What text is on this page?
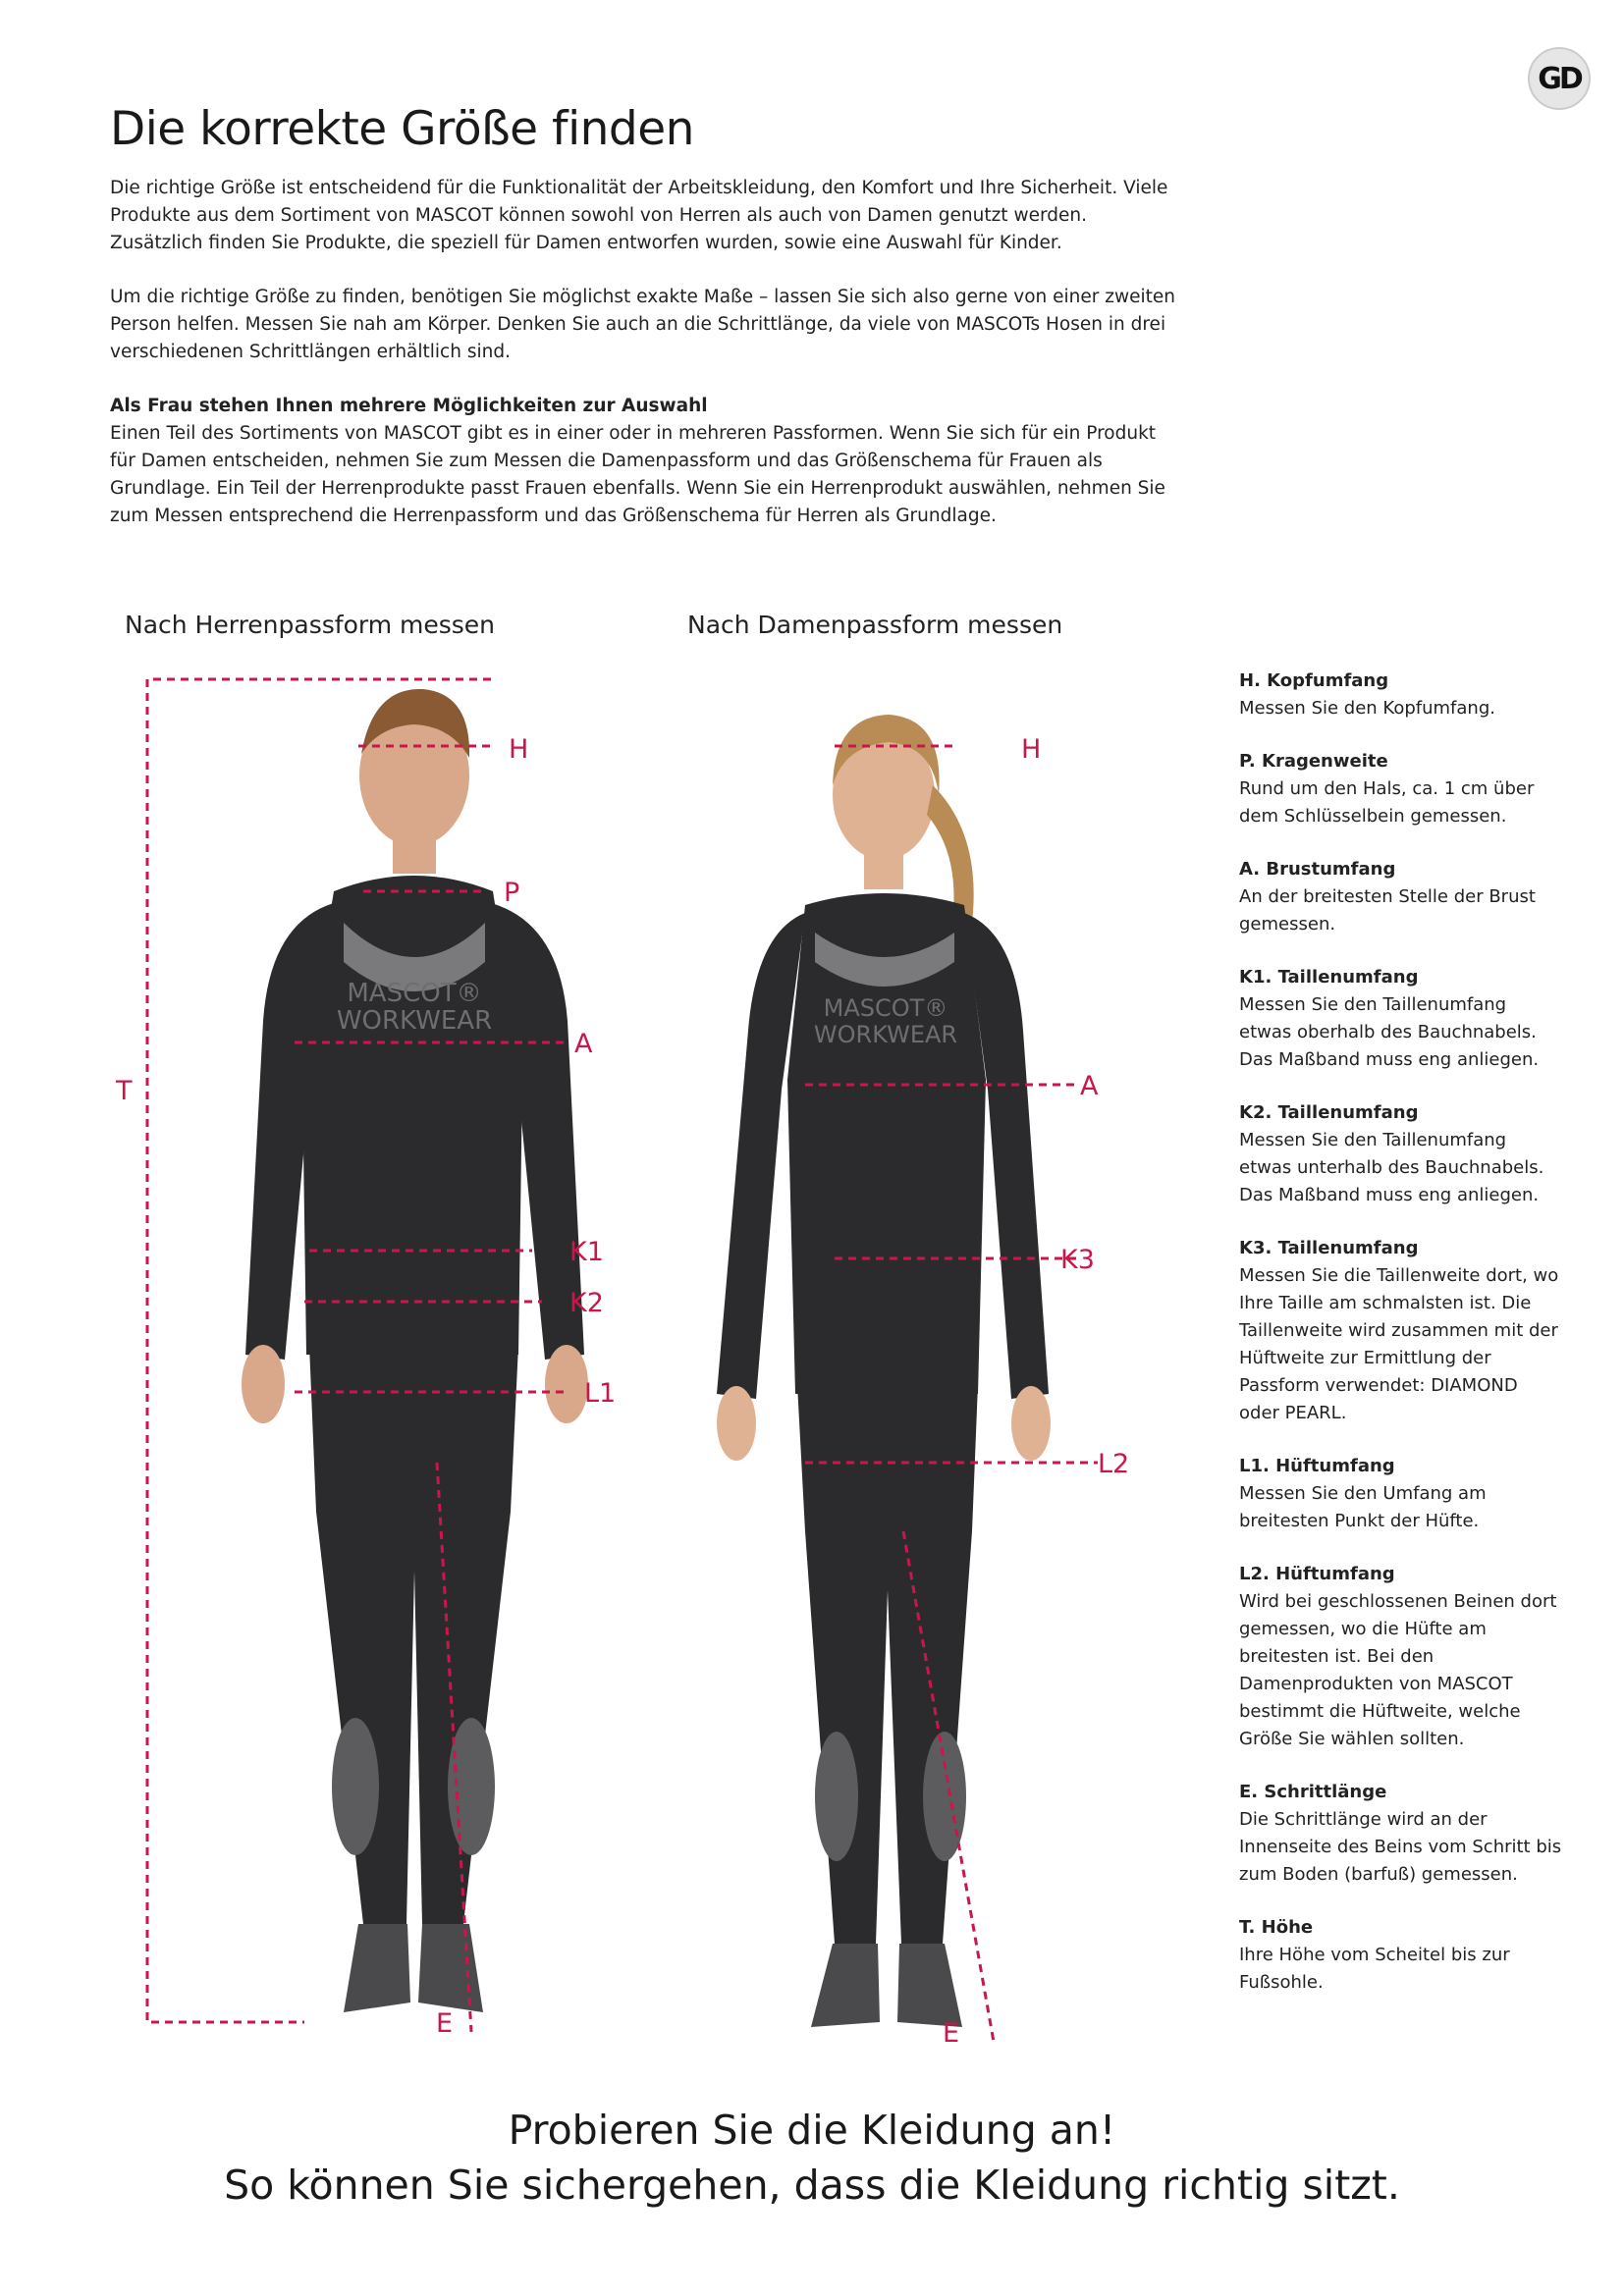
GD
Die korrekte Größe finden

Die richtige Größe ist entscheidend für die Funktionalität der Arbeitskleidung, den Komfort und Ihre Sicherheit. Viele Produkte aus dem Sortiment von MASCOT können sowohl von Herren als auch von Damen genutzt werden. Zusätzlich finden Sie Produkte, die speziell für Damen entworfen wurden, sowie eine Auswahl für Kinder.

Um die richtige Größe zu finden, benötigen Sie möglichst exakte Maße – lassen Sie sich also gerne von einer zweiten Person helfen. Messen Sie nah am Körper. Denken Sie auch an die Schrittlänge, da viele von MASCOTs Hosen in drei verschiedenen Schrittlängen erhältlich sind.

Als Frau stehen Ihnen mehrere Möglichkeiten zur Auswahl
Einen Teil des Sortiments von MASCOT gibt es in einer oder in mehreren Passformen. Wenn Sie sich für ein Produkt für Damen entscheiden, nehmen Sie zum Messen die Damenpassform und das Größenschema für Frauen als Grundlage. Ein Teil der Herrenprodukte passt Frauen ebenfalls. Wenn Sie ein Herrenprodukt auswählen, nehmen Sie zum Messen entsprechend die Herrenpassform und das Größenschema für Herren als Grundlage.

Nach Herrenpassform messen	Nach Damenpassform messen
MASCOT®
WORKWEAR
H
P
A
T
K1
K2
L1
E
MASCOT®
WORKWEAR
H
A
K3
L2
E
H. Kopfumfang
Messen Sie den Kopfumfang.
P. Kragenweite
Rund um den Hals, ca. 1 cm über dem Schlüsselbein gemessen.
A. Brustumfang
An der breitesten Stelle der Brust gemessen.
K1. Taillenumfang
Messen Sie den Taillenumfang etwas oberhalb des Bauchnabels. Das Maßband muss eng anliegen.
K2. Taillenumfang
Messen Sie den Taillenumfang etwas unterhalb des Bauchnabels. Das Maßband muss eng anliegen.
K3. Taillenumfang
Messen Sie die Taillenweite dort, wo Ihre Taille am schmalsten ist. Die Taillenweite wird zusammen mit der Hüftweite zur Ermittlung der Passform verwendet: DIAMOND oder PEARL.
L1. Hüftumfang
Messen Sie den Umfang am breitesten Punkt der Hüfte.
L2. Hüftumfang
Wird bei geschlossenen Beinen dort gemessen, wo die Hüfte am breitesten ist. Bei den Damenprodukten von MASCOT bestimmt die Hüftweite, welche Größe Sie wählen sollten.
E. Schrittlänge
Die Schrittlänge wird an der Innenseite des Beins vom Schritt bis zum Boden (barfuß) gemessen.
T. Höhe
Ihre Höhe vom Scheitel bis zur Fußsohle.
Probieren Sie die Kleidung an!
So können Sie sichergehen, dass die Kleidung richtig sitzt.
